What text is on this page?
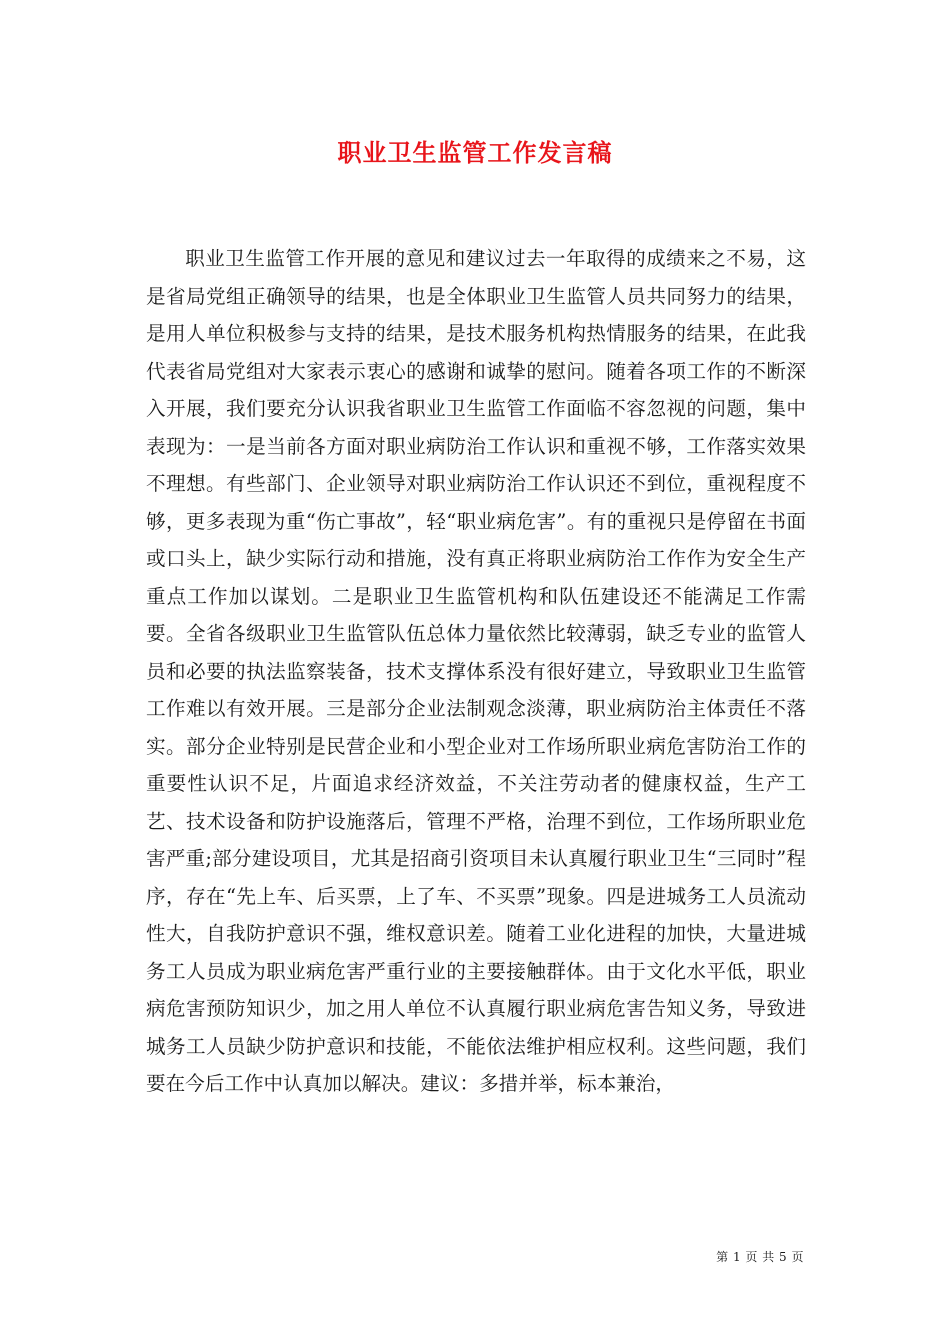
职业卫生监管工作发言稿

职业卫生监管工作开展的意见和建议过去一年取得的成绩来之不易，这是省局党组正确领导的结果，也是全体职业卫生监管人员共同努力的结果，是用人单位积极参与支持的结果，是技术服务机构热情服务的结果，在此我代表省局党组对大家表示衷心的感谢和诚挚的慰问。随着各项工作的不断深入开展，我们要充分认识我省职业卫生监管工作面临不容忽视的问题，集中表现为：一是当前各方面对职业病防治工作认识和重视不够，工作落实效果不理想。有些部门、企业领导对职业病防治工作认识还不到位，重视程度不够，更多表现为重“伤亡事故”，轻“职业病危害”。有的重视只是停留在书面或口头上，缺少实际行动和措施，没有真正将职业病防治工作作为安全生产重点工作加以谋划。二是职业卫生监管机构和队伍建设还不能满足工作需要。全省各级职业卫生监管队伍总体力量依然比较薄弱，缺乏专业的监管人员和必要的执法监察装备，技术支撑体系没有很好建立，导致职业卫生监管工作难以有效开展。三是部分企业法制观念淡薄，职业病防治主体责任不落实。部分企业特别是民营企业和小型企业对工作场所职业病危害防治工作的重要性认识不足，片面追求经济效益，不关注劳动者的健康权益，生产工艺、技术设备和防护设施落后，管理不严格，治理不到位，工作场所职业危害严重;部分建设项目，尤其是招商引资项目未认真履行职业卫生“三同时”程序，存在“先上车、后买票，上了车、不买票”现象。四是进城务工人员流动性大，自我防护意识不强，维权意识差。随着工业化进程的加快，大量进城务工人员成为职业病危害严重行业的主要接触群体。由于文化水平低，职业病危害预防知识少，加之用人单位不认真履行职业病危害告知义务，导致进城务工人员缺少防护意识和技能，不能依法维护相应权利。这些问题，我们要在今后工作中认真加以解决。建议：多措并举，标本兼治，

第 1 页 共 5 页
